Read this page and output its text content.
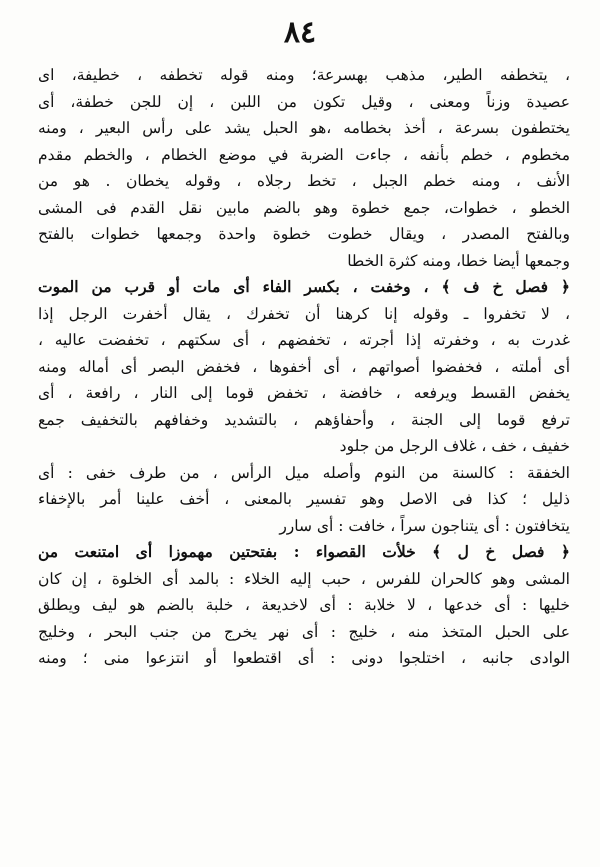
٨٤
، يتخطفه الطير، مذهب بهسرعة؛ ومنه قوله تخطفه ، خطيفة، اى
عصيدة وزناً ومعنى ، وقيل تكون من اللبن ، إن للجن خطفة، أى
يختطفون بسرعة ، أخذ بخطامه ،هو الحبل يشد على رأس البعير ، ومنه
مخطوم ، خطم بأنفه ، جاءت الضربة في موضع الخطام ، والخطم مقدم
الأنف ، ومنه خطم الجبل ، تخط رجلاه ، وقوله يخطان . هو من
الخطو ، خطوات، جمع خطوة وهو بالضم مابين نقل القدم فى المشى
وبالفتح المصدر ، ويقال خطوت خطوة واحدة وجمعها خطوات بالفتح
وجمعها أيضا خطا، ومنه كثرة الخطا
﴿ فصل خ ف ﴾ ، وخفت ، بكسر الفاء أى مات أو قرب من الموت
، لا تخفروا ـ وقوله إنا كرهنا أن تخفرك ، يقال أخفرت الرجل إذا
غدرت به ، وخفرته إذا أجرته ، تخفضهم ، أى سكتهم ، تخفضت عاليه ،
أى أملته ، فخفضوا أصواتهم ، أى أخفوها ، فخفض البصر أى أماله ومنه
يخفض القسط ويرفعه ، خافضة ، تخفض قوما إلى النار ، رافعة ، أى
ترفع قوما إلى الجنة ، وأحفاؤهم ، بالتشديد وخفافهم بالتخفيف جمع
خفيف ، خف ، غلاف الرجل من جلود
الخفقة : كالسنة من النوم وأصله ميل الرأس ، من طرف خفى : أى
ذليل ؛ كذا فى الاصل وهو تفسير بالمعنى ، أخف علينا أمر بالإخفاء
يتخافتون : أى يتناجون سراً ، خافت : أى سارر
﴿ فصل خ ل ﴾ خلأت القصواء : بفتحتين مهموزا أى امتنعت من
المشى وهو كالحران للفرس ، حبب إليه الخلاء : بالمد أى الخلوة ، إن كان
خليها : أى خدعها ، لا خلابة : أى لاخديعة ، خلبة بالضم هو ليف ويطلق
على الحبل المتخذ منه ، خليج : أى نهر يخرج من جنب البحر ، وخليج
الوادى جانبه ، اختلجوا دونى : أى اقتطعوا أو انتزعوا منى ؛ ومنه
